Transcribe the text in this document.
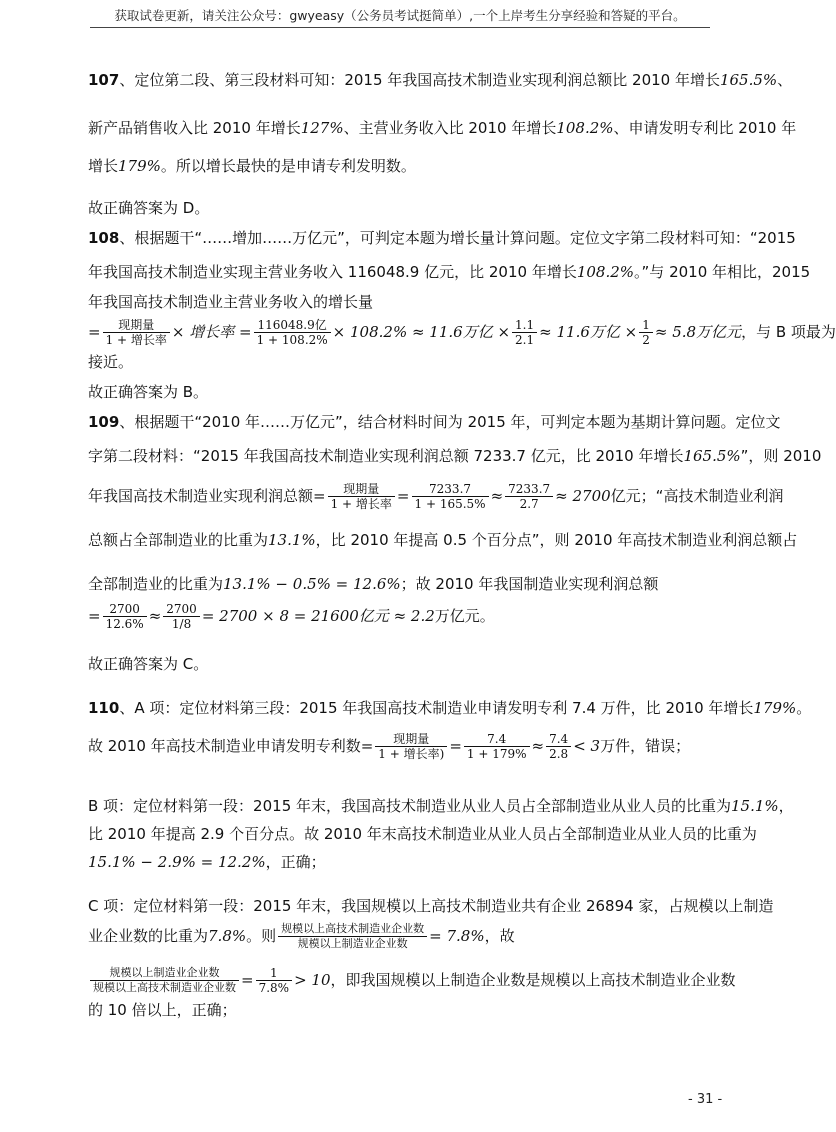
获取试卷更新，请关注公众号：gwyeasy（公务员考试挺简单）,一个上岸考生分享经验和答疑的平台。
107、定位第二段、第三段材料可知：2015 年我国高技术制造业实现利润总额比 2010 年增长165.5%、
新产品销售收入比 2010 年增长127%、主营业务收入比 2010 年增长108.2%、申请发明专利比 2010 年
增长179%。所以增长最快的是申请专利发明数。
故正确答案为 D。
108、根据题干“……增加……万亿元”，可判定本题为增长量计算问题。定位文字第二段材料可知：“2015
年我国高技术制造业实现主营业务收入 116048.9 亿元，比 2010 年增长108.2%。”与 2010 年相比，2015
年我国高技术制造业主营业务收入的增长量
= $\frac{\text{现期量}}{\text{1 + 增长率}}$ × 增长率 = $\frac{\text{116048.9亿}}{1 + 108.2\%} \times 108.2\% \approx 11.6$万亿 × $\frac{1.1}{2.1} \approx 11.6$万亿 × $\frac{1}{2} \approx 5.8$万亿元，与 B 项最为
接近。
故正确答案为 B。
109、根据题干“2010 年……万亿元”，结合材料时间为 2015 年，可判定本题为基期计算问题。定位文
字第二段材料：“2015 年我国高技术制造业实现利润总额 7233.7 亿元，比 2010 年增长165.5%”，则 2010
年我国高技术制造业实现利润总额= $\frac{\text{现期量}}{\text{1 + 增长率}} = \frac{7233.7}{1 + 165.5\%} \approx \frac{7233.7}{2.7} \approx 2700$亿元；“高技术制造业利润
总额占全部制造业的比重为13.1%，比 2010 年提高 0.5 个百分点”，则 2010 年高技术制造业利润总额占
全部制造业的比重为13.1% − 0.5% = 12.6%；故 2010 年我国制造业实现利润总额
= $\frac{2700}{12.6\%} \approx \frac{2700}{1/8} = 2700 \times 8 = 21600$亿元 ≈ 2.2万亿元。
故正确答案为 C。
110、A 项：定位材料第三段：2015 年我国高技术制造业申请发明专利 7.4 万件，比 2010 年增长179%。
故 2010 年高技术制造业申请发明专利数= $\frac{\text{现期量}}{\text{1 + 增长率)}} = \frac{7.4}{1 + 179\%} \approx \frac{7.4}{2.8} < 3$万件，错误；
B 项：定位材料第一段：2015 年末，我国高技术制造业从业人员占全部制造业从业人员的比重为15.1%，
比 2010 年提高 2.9 个百分点。故 2010 年末高技术制造业从业人员占全部制造业从业人员的比重为
15.1% − 2.9% = 12.2%，正确；
C 项：定位材料第一段：2015 年末，我国规模以上高技术制造业共有企业 26894 家，占规模以上制造
业企业数的比重为7.8%。则 $\frac{\text{规模以上高技术制造业企业数}}{\text{规模以上制造业企业数}} = 7.8\%$，故
$\frac{\text{规模以上制造业企业数}}{\text{规模以上高技术制造业企业数}} = \frac{1}{7.8\%} > 10$，即我国规模以上制造企业数是规模以上高技术制造业企业数
的 10 倍以上，正确；
- 31 -
